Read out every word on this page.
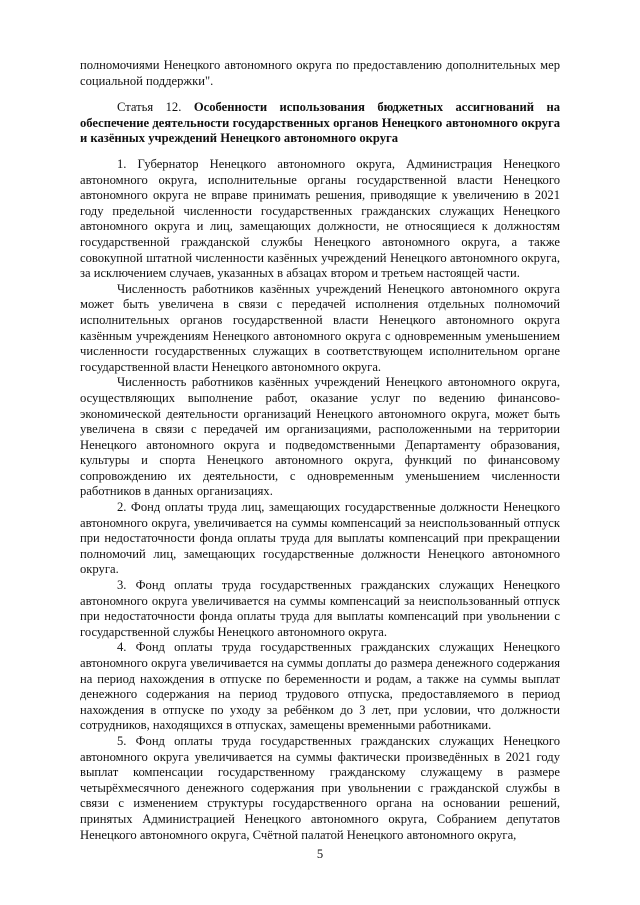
полномочиями Ненецкого автономного округа по предоставлению дополнительных мер социальной поддержки".

Статья 12. Особенности использования бюджетных ассигнований на обеспечение деятельности государственных органов Ненецкого автономного округа и казённых учреждений Ненецкого автономного округа

1. Губернатор Ненецкого автономного округа, Администрация Ненецкого автономного округа, исполнительные органы государственной власти Ненецкого автономного округа не вправе принимать решения, приводящие к увеличению в 2021 году предельной численности государственных гражданских служащих Ненецкого автономного округа и лиц, замещающих должности, не относящиеся к должностям государственной гражданской службы Ненецкого автономного округа, а также совокупной штатной численности казённых учреждений Ненецкого автономного округа, за исключением случаев, указанных в абзацах втором и третьем настоящей части.

Численность работников казённых учреждений Ненецкого автономного округа может быть увеличена в связи с передачей исполнения отдельных полномочий исполнительных органов государственной власти Ненецкого автономного округа казённым учреждениям Ненецкого автономного округа с одновременным уменьшением численности государственных служащих в соответствующем исполнительном органе государственной власти Ненецкого автономного округа.

Численность работников казённых учреждений Ненецкого автономного округа, осуществляющих выполнение работ, оказание услуг по ведению финансово-экономической деятельности организаций Ненецкого автономного округа, может быть увеличена в связи с передачей им организациями, расположенными на территории Ненецкого автономного округа и подведомственными Департаменту образования, культуры и спорта Ненецкого автономного округа, функций по финансовому сопровождению их деятельности, с одновременным уменьшением численности работников в данных организациях.

2. Фонд оплаты труда лиц, замещающих государственные должности Ненецкого автономного округа, увеличивается на суммы компенсаций за неиспользованный отпуск при недостаточности фонда оплаты труда для выплаты компенсаций при прекращении полномочий лиц, замещающих государственные должности Ненецкого автономного округа.

3. Фонд оплаты труда государственных гражданских служащих Ненецкого автономного округа увеличивается на суммы компенсаций за неиспользованный отпуск при недостаточности фонда оплаты труда для выплаты компенсаций при увольнении с государственной службы Ненецкого автономного округа.

4. Фонд оплаты труда государственных гражданских служащих Ненецкого автономного округа увеличивается на суммы доплаты до размера денежного содержания на период нахождения в отпуске по беременности и родам, а также на суммы выплат денежного содержания на период трудового отпуска, предоставляемого в период нахождения в отпуске по уходу за ребёнком до 3 лет, при условии, что должности сотрудников, находящихся в отпусках, замещены временными работниками.

5. Фонд оплаты труда государственных гражданских служащих Ненецкого автономного округа увеличивается на суммы фактически произведённых в 2021 году выплат компенсации государственному гражданскому служащему в размере четырёхмесячного денежного содержания при увольнении с гражданской службы в связи с изменением структуры государственного органа на основании решений, принятых Администрацией Ненецкого автономного округа, Собранием депутатов Ненецкого автономного округа, Счётной палатой Ненецкого автономного округа,

5
